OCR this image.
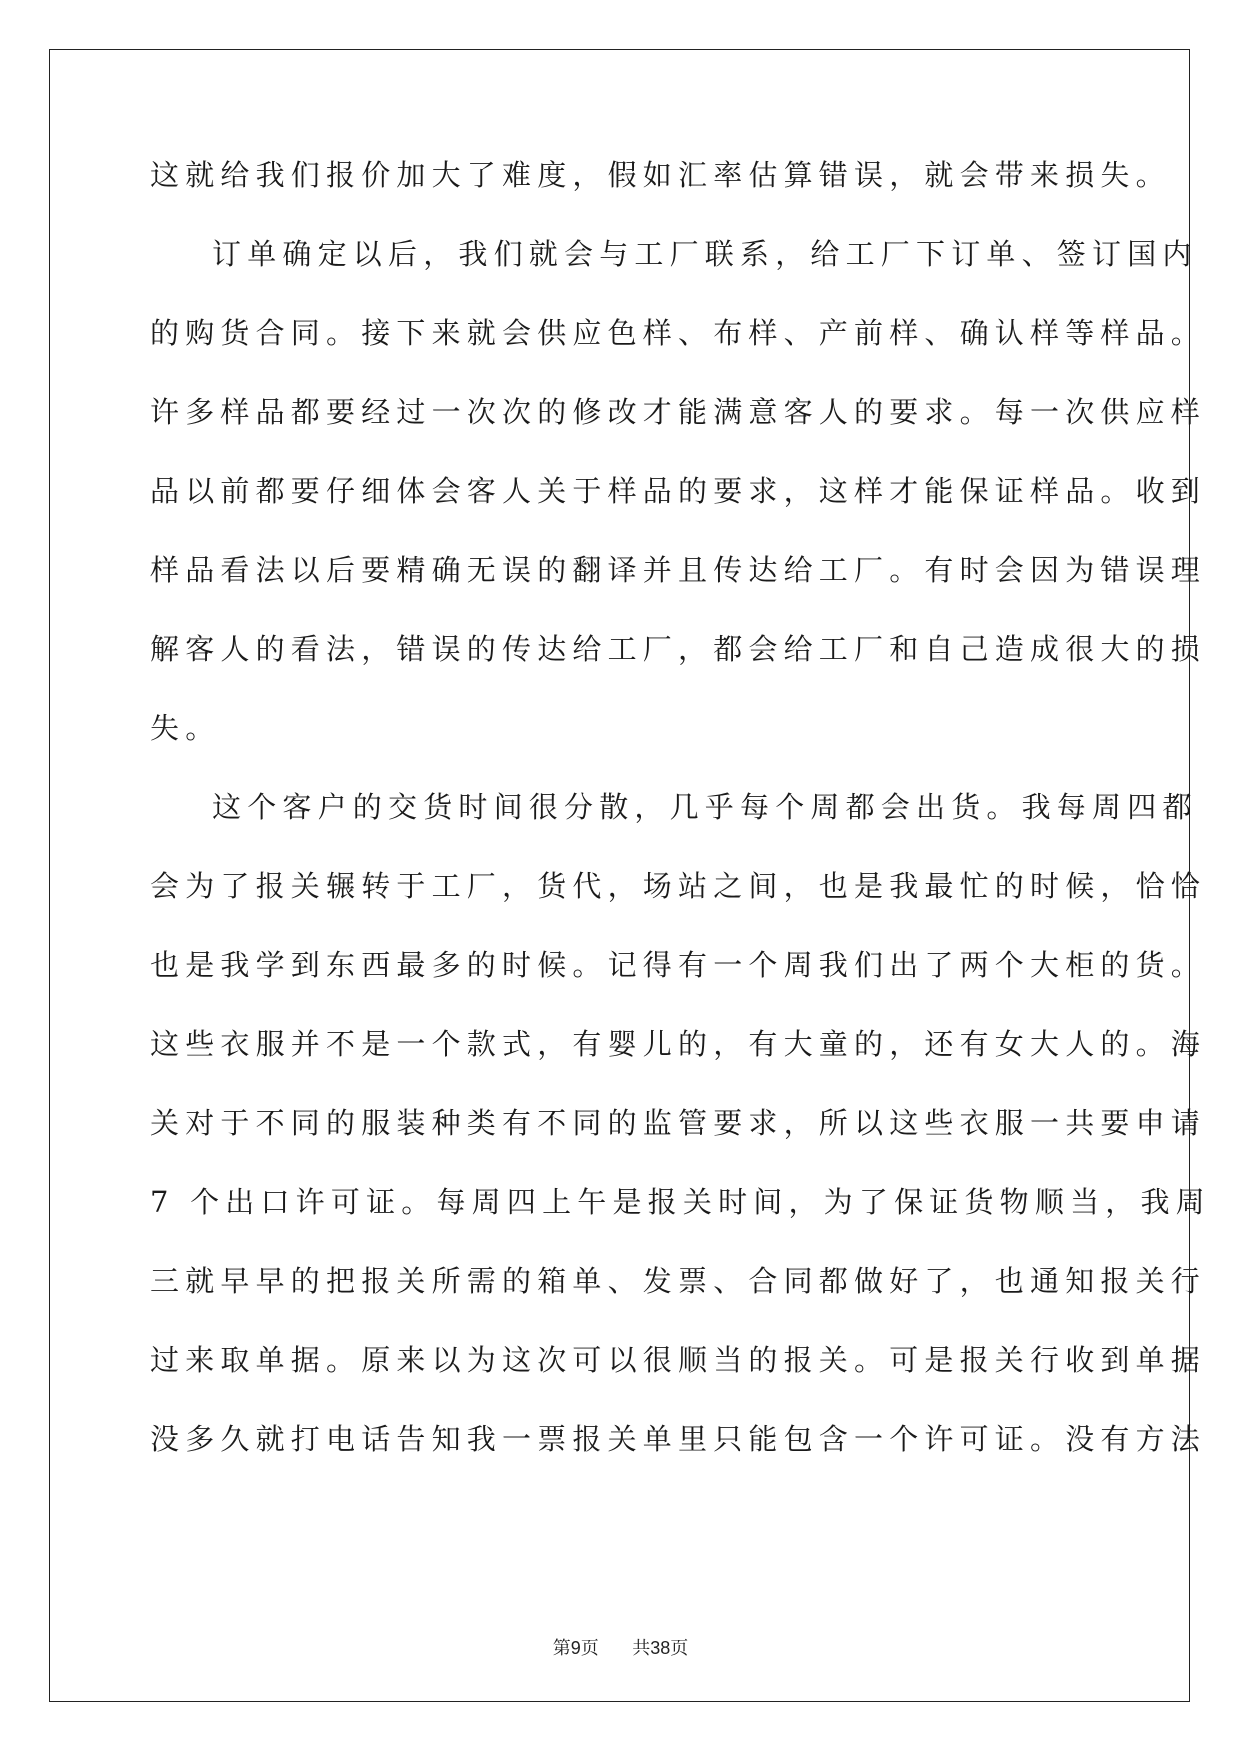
这就给我们报价加大了难度，假如汇率估算错误，就会带来损失。
订单确定以后，我们就会与工厂联系，给工厂下订单、签订国内
的购货合同。接下来就会供应色样、布样、产前样、确认样等样品。
许多样品都要经过一次次的修改才能满意客人的要求。每一次供应样
品以前都要仔细体会客人关于样品的要求，这样才能保证样品。收到
样品看法以后要精确无误的翻译并且传达给工厂。有时会因为错误理
解客人的看法，错误的传达给工厂，都会给工厂和自己造成很大的损
失。
这个客户的交货时间很分散，几乎每个周都会出货。我每周四都
会为了报关辗转于工厂，货代，场站之间，也是我最忙的时候，恰恰
也是我学到东西最多的时候。记得有一个周我们出了两个大柜的货。
这些衣服并不是一个款式，有婴儿的，有大童的，还有女大人的。海
关对于不同的服装种类有不同的监管要求，所以这些衣服一共要申请
7 个出口许可证。每周四上午是报关时间，为了保证货物顺当，我周
三就早早的把报关所需的箱单、发票、合同都做好了，也通知报关行
过来取单据。原来以为这次可以很顺当的报关。可是报关行收到单据
没多久就打电话告知我一票报关单里只能包含一个许可证。没有方法
第9页 共38页
